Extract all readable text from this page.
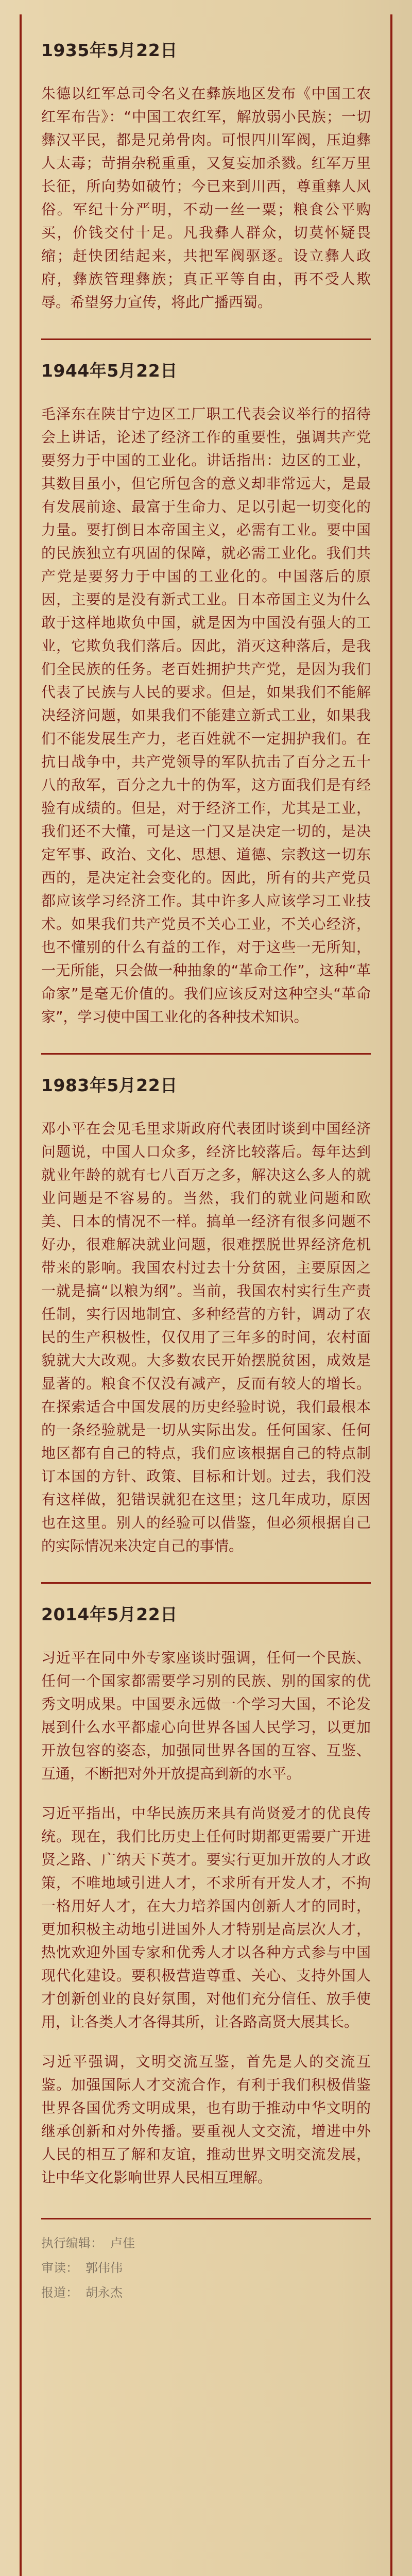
1935年5月22日

朱德以红军总司令名义在彝族地区发布《中国工农红军布告》：“中国工农红军，解放弱小民族；一切彝汉平民，都是兄弟骨肉。可恨四川军阀，压迫彝人太毒；苛捐杂税重重，又复妄加杀戮。红军万里长征，所向势如破竹；今已来到川西，尊重彝人风俗。军纪十分严明，不动一丝一粟；粮食公平购买，价钱交付十足。凡我彝人群众，切莫怀疑畏缩；赶快团结起来，共把军阀驱逐。设立彝人政府，彝族管理彝族；真正平等自由，再不受人欺辱。希望努力宣传，将此广播西蜀。

1944年5月22日

毛泽东在陕甘宁边区工厂职工代表会议举行的招待会上讲话，论述了经济工作的重要性，强调共产党要努力于中国的工业化。讲话指出：边区的工业，其数目虽小，但它所包含的意义却非常远大，是最有发展前途、最富于生命力、足以引起一切变化的力量。要打倒日本帝国主义，必需有工业。要中国的民族独立有巩固的保障，就必需工业化。我们共产党是要努力于中国的工业化的。中国落后的原因，主要的是没有新式工业。日本帝国主义为什么敢于这样地欺负中国，就是因为中国没有强大的工业，它欺负我们落后。因此，消灭这种落后，是我们全民族的任务。老百姓拥护共产党，是因为我们代表了民族与人民的要求。但是，如果我们不能解决经济问题，如果我们不能建立新式工业，如果我们不能发展生产力，老百姓就不一定拥护我们。在抗日战争中，共产党领导的军队抗击了百分之五十八的敌军，百分之九十的伪军，这方面我们是有经验有成绩的。但是，对于经济工作，尤其是工业，我们还不大懂，可是这一门又是决定一切的，是决定军事、政治、文化、思想、道德、宗教这一切东西的，是决定社会变化的。因此，所有的共产党员都应该学习经济工作。其中许多人应该学习工业技术。如果我们共产党员不关心工业，不关心经济，也不懂别的什么有益的工作，对于这些一无所知，一无所能，只会做一种抽象的“革命工作”，这种“革命家”是毫无价值的。我们应该反对这种空头“革命家”，学习使中国工业化的各种技术知识。

1983年5月22日

邓小平在会见毛里求斯政府代表团时谈到中国经济问题说，中国人口众多，经济比较落后。每年达到就业年龄的就有七八百万之多，解决这么多人的就业问题是不容易的。当然，我们的就业问题和欧美、日本的情况不一样。搞单一经济有很多问题不好办，很难解决就业问题，很难摆脱世界经济危机带来的影响。我国农村过去十分贫困，主要原因之一就是搞“以粮为纲”。当前，我国农村实行生产责任制，实行因地制宜、多种经营的方针，调动了农民的生产积极性，仅仅用了三年多的时间，农村面貌就大大改观。大多数农民开始摆脱贫困，成效是显著的。粮食不仅没有减产，反而有较大的增长。在探索适合中国发展的历史经验时说，我们最根本的一条经验就是一切从实际出发。任何国家、任何地区都有自己的特点，我们应该根据自己的特点制订本国的方针、政策、目标和计划。过去，我们没有这样做，犯错误就犯在这里；这几年成功，原因也在这里。别人的经验可以借鉴，但必须根据自己的实际情况来决定自己的事情。

2014年5月22日

习近平在同中外专家座谈时强调，任何一个民族、任何一个国家都需要学习别的民族、别的国家的优秀文明成果。中国要永远做一个学习大国，不论发展到什么水平都虚心向世界各国人民学习，以更加开放包容的姿态，加强同世界各国的互容、互鉴、互通，不断把对外开放提高到新的水平。

习近平指出，中华民族历来具有尚贤爱才的优良传统。现在，我们比历史上任何时期都更需要广开进贤之路、广纳天下英才。要实行更加开放的人才政策，不唯地域引进人才，不求所有开发人才，不拘一格用好人才，在大力培养国内创新人才的同时，更加积极主动地引进国外人才特别是高层次人才，热忱欢迎外国专家和优秀人才以各种方式参与中国现代化建设。要积极营造尊重、关心、支持外国人才创新创业的良好氛围，对他们充分信任、放手使用，让各类人才各得其所，让各路高贤大展其长。

习近平强调，文明交流互鉴，首先是人的交流互鉴。加强国际人才交流合作，有利于我们积极借鉴世界各国优秀文明成果，也有助于推动中华文明的继承创新和对外传播。要重视人文交流，增进中外人民的相互了解和友谊，推动世界文明交流发展，让中华文化影响世界人民相互理解。

执行编辑： 卢佳
审读： 郭伟伟
报道： 胡永杰
